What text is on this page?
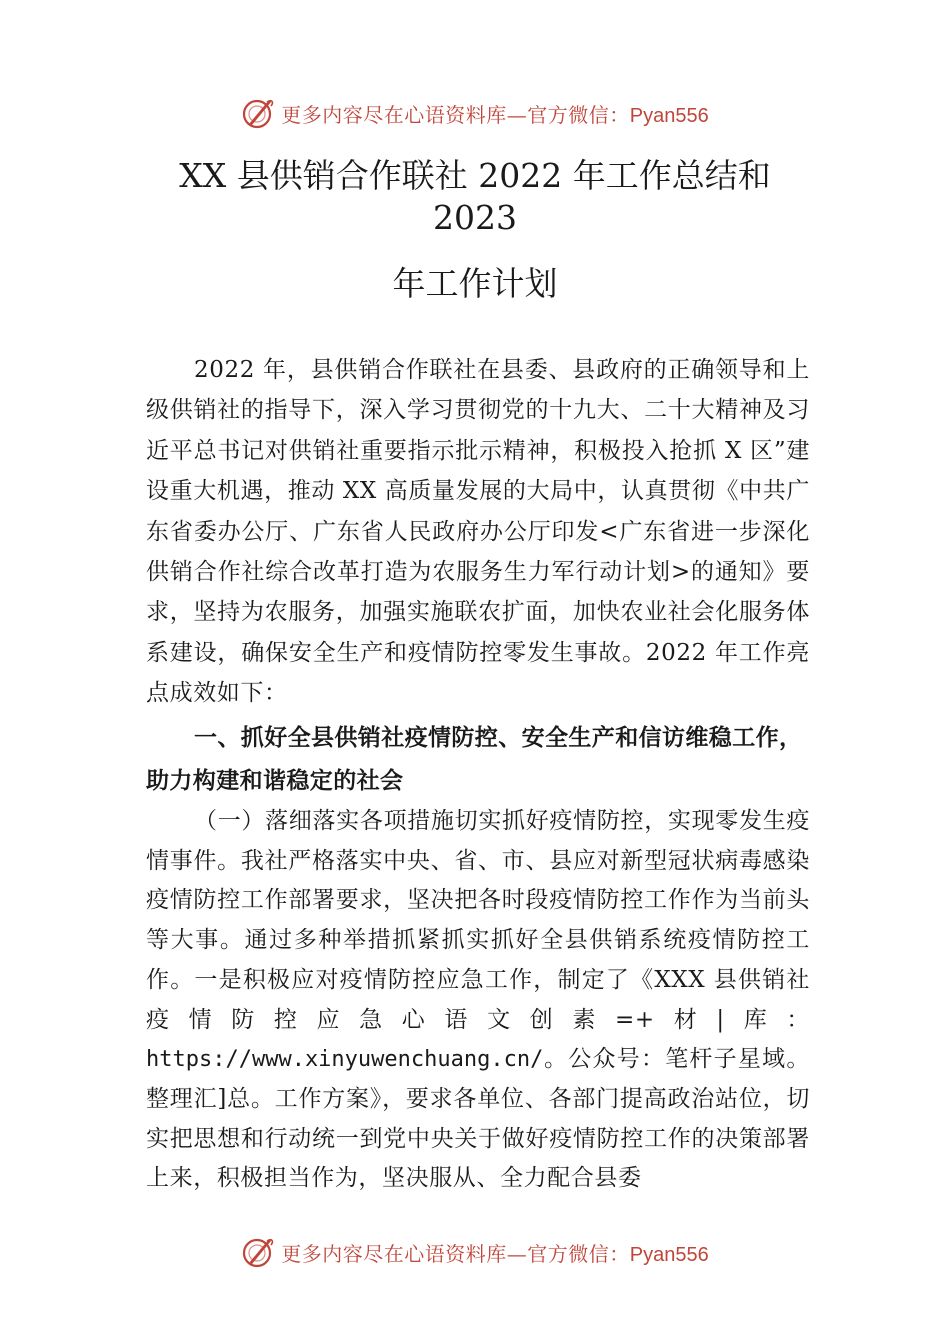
更多内容尽在心语资料库—官方微信：Pyan556
XX 县供销合作联社 2022 年工作总结和
2023
年工作计划

2022 年，县供销合作联社在县委、县政府的正确领导和上级供销社的指导下，深入学习贯彻党的十九大、二十大精神及习近平总书记对供销社重要指示批示精神，积极投入抢抓 X 区”建设重大机遇，推动 XX 高质量发展的大局中，认真贯彻《中共广东省委办公厅、广东省人民政府办公厅印发<广东省进一步深化供销合作社综合改革打造为农服务生力军行动计划>的通知》要求，坚持为农服务，加强实施联农扩面，加快农业社会化服务体系建设，确保安全生产和疫情防控零发生事故。2022 年工作亮点成效如下：

一、抓好全县供销社疫情防控、安全生产和信访维稳工作，助力构建和谐稳定的社会

（一）落细落实各项措施切实抓好疫情防控，实现零发生疫情事件。我社严格落实中央、省、市、县应对新型冠状病毒感染疫情防控工作部署要求，坚决把各时段疫情防控工作作为当前头等大事。通过多种举措抓紧抓实抓好全县供销系统疫情防控工作。一是积极应对疫情防控应急工作，制定了《XXX 县供销社疫情防控应急心语文创素=+材|库：https://www.xinyuwenchuang.cn/。公众号：笔杆子星域。整理汇]总。工作方案》，要求各单位、各部门提高政治站位，切实把思想和行动统一到党中央关于做好疫情防控工作的决策部署上来，积极担当作为，坚决服从、全力配合县委

更多内容尽在心语资料库—官方微信：Pyan556
